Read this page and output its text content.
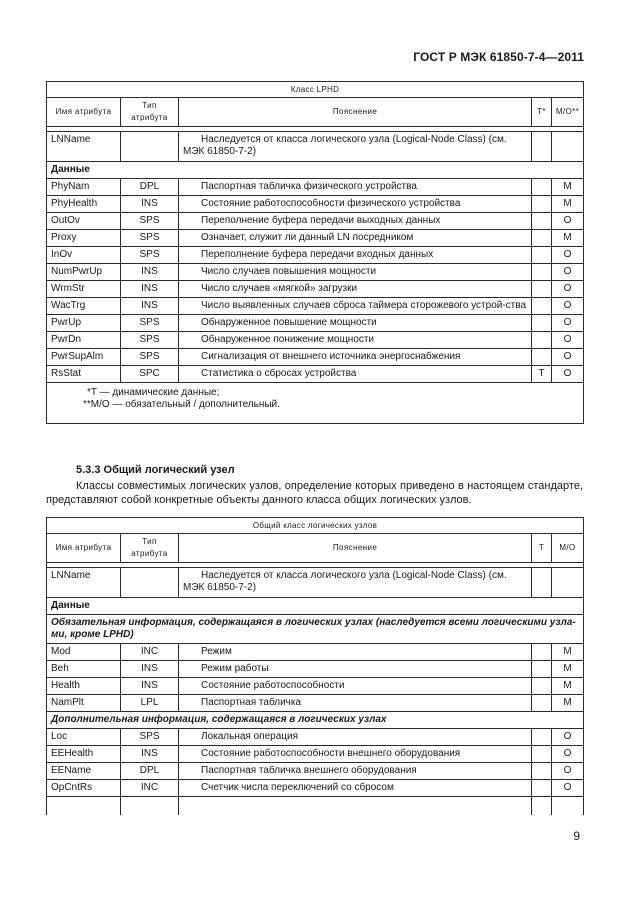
ГОСТ Р МЭК 61850-7-4—2011
Класс LPHD				
Имя атрибута	Тип атрибута	Пояснение	T*	M/O**

LNName		Наследуется от класса логического узла (Logical-Node Class) (см. МЭК 61850-7-2)		
Данные				
PhyNam	DPL	Паспортная табличка физического устройства		M
PhyHealth	INS	Состояние работоспособности физического устройства		M
OutOv	SPS	Переполнение буфера передачи выходных данных		O
Proxy	SPS	Означает, служит ли данный LN посредником		M
InOv	SPS	Переполнение буфера передачи входных данных		O
NumPwrUp	INS	Число случаев повышения мощности		O
WrmStr	INS	Число случаев «мягкой» загрузки		O
WacTrg	INS	Число выявленных случаев сброса таймера сторожевого устрой-ства		O
PwrUp	SPS	Обнаруженное повышение мощности		O
PwrDn	SPS	Обнаруженное понижение мощности		O
PwrSupAlm	SPS	Сигнализация от внешнего источника энергоснабжения		O
RsStat	SPC	Статистика о сбросах устройства	T	O

*T — динамические данные;
**M/O — обязательный / дополнительный.				
5.3.3 Общий логический узел
Классы совместимых логических узлов, определение которых приведено в настоящем стандарте, представляют собой конкретные объекты данного класса общих логических узлов.
Общий класс логических узлов				
Имя атрибута	Тип атрибута	Пояснение	T	M/O

LNName		Наследуется от класса логического узла (Logical-Node Class) (см. МЭК 61850-7-2)		
Данные				
Обязательная информация, содержащаяся в логических узлах (наследуется всеми логическими узла-ми, кроме LPHD)				
Mod	INC	Режим		M
Beh	INS	Режим работы		M
Health	INS	Состояние работоспособности		M
NamPlt	LPL	Паспортная табличка		M
Дополнительная информация, содержащаяся в логических узлах				
Loc	SPS	Локальная операция		O
EEHealth	INS	Состояние работоспособности внешнего оборудования		O
EEName	DPL	Паспортная табличка внешнего оборудования		O
OpCntRs	INC	Счетчик числа переключений со сбросом		O

9
